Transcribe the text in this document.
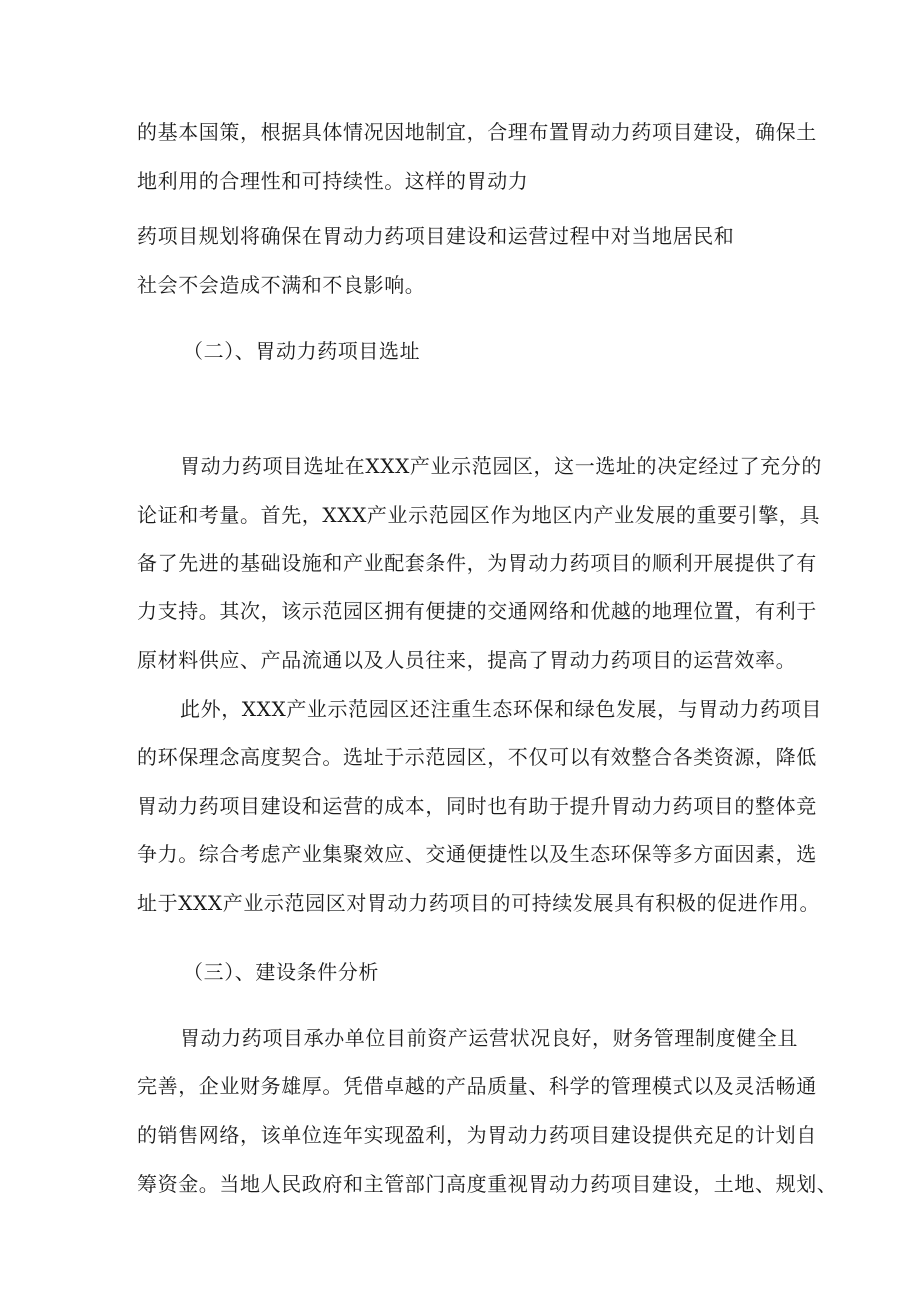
的基本国策，根据具体情况因地制宜，合理布置胃动力药项目建设，确保土
地利用的合理性和可持续性。这样的胃动力
药项目规划将确保在胃动力药项目建设和运营过程中对当地居民和
社会不会造成不满和不良影响。
（二）、胃动力药项目选址
胃动力药项目选址在XXX产业示范园区，这一选址的决定经过了充分的
论证和考量。首先，XXX产业示范园区作为地区内产业发展的重要引擎，具
备了先进的基础设施和产业配套条件，为胃动力药项目的顺利开展提供了有
力支持。其次，该示范园区拥有便捷的交通网络和优越的地理位置，有利于
原材料供应、产品流通以及人员往来，提高了胃动力药项目的运营效率。
此外，XXX产业示范园区还注重生态环保和绿色发展，与胃动力药项目
的环保理念高度契合。选址于示范园区，不仅可以有效整合各类资源，降低
胃动力药项目建设和运营的成本，同时也有助于提升胃动力药项目的整体竞
争力。综合考虑产业集聚效应、交通便捷性以及生态环保等多方面因素，选
址于XXX产业示范园区对胃动力药项目的可持续发展具有积极的促进作用。
（三）、建设条件分析
胃动力药项目承办单位目前资产运营状况良好，财务管理制度健全且
完善，企业财务雄厚。凭借卓越的产品质量、科学的管理模式以及灵活畅通
的销售网络，该单位连年实现盈利，为胃动力药项目建设提供充足的计划自
筹资金。当地人民政府和主管部门高度重视胃动力药项目建设，土地、规划、
